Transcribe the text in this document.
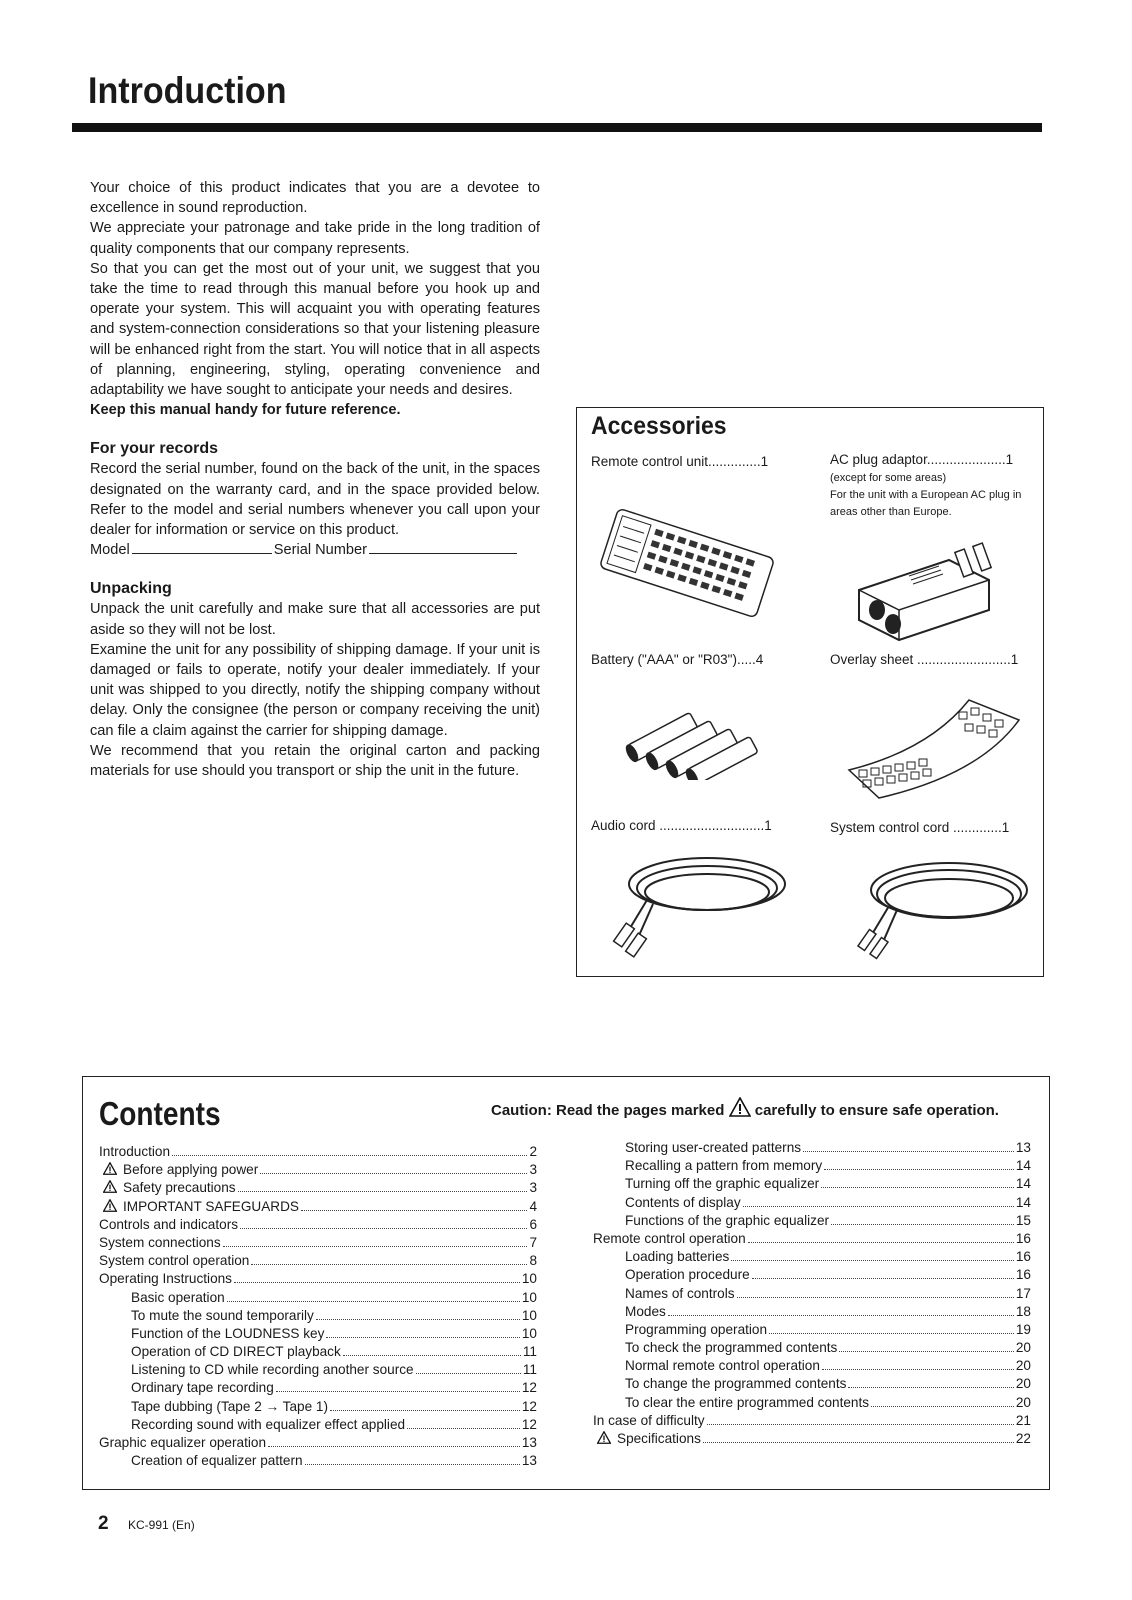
Introduction

Your choice of this product indicates that you are a devotee to excellence in sound reproduction.

We appreciate your patronage and take pride in the long tradition of quality components that our company represents.

So that you can get the most out of your unit, we suggest that you take the time to read through this manual before you hook up and operate your system. This will acquaint you with operating features and system-connection considerations so that your listening pleasure will be enhanced right from the start. You will notice that in all aspects of planning, engineering, styling, operating convenience and adaptability we have sought to anticipate your needs and desires.

Keep this manual handy for future reference.

For your records

Record the serial number, found on the back of the unit, in the spaces designated on the warranty card, and in the space provided below. Refer to the model and serial numbers whenever you call upon your dealer for information or service on this product.

Model	Serial Number
Unpacking

Unpack the unit carefully and make sure that all accessories are put aside so they will not be lost.

Examine the unit for any possibility of shipping damage. If your unit is damaged or fails to operate, notify your dealer immediately. If your unit was shipped to you directly, notify the shipping company without delay. Only the consignee (the person or company receiving the unit) can file a claim against the carrier for shipping damage.

We recommend that you retain the original carton and packing materials for use should you transport or ship the unit in the future.

Accessories
Remote control unit..............1	AC plug adaptor.....................1
(except for some areas)
For the unit with a European AC plug in areas other than Europe.
Battery ("AAA" or "R03").....4	Overlay sheet .........................1
Audio cord ............................1	System control cord .............1
Contents	Caution: Read the pages marked carefully to ensure safe operation.
Introduction	2
Before applying power	3
Safety precautions	3
IMPORTANT SAFEGUARDS	4
Controls and indicators	6
System connections	7
System control operation	8
Operating Instructions	10
Basic operation	10
To mute the sound temporarily	10
Function of the LOUDNESS key	10
Operation of CD DIRECT playback	11
Listening to CD while recording another source	11
Ordinary tape recording	12
Tape dubbing (Tape 2 → Tape 1)	12
Recording sound with equalizer effect applied	12
Graphic equalizer operation	13
Creation of equalizer pattern	13
Storing user-created patterns	13
Recalling a pattern from memory	14
Turning off the graphic equalizer	14
Contents of display	14
Functions of the graphic equalizer	15
Remote control operation	16
Loading batteries	16
Operation procedure	16
Names of controls	17
Modes	18
Programming operation	19
To check the programmed contents	20
Normal remote control operation	20
To change the programmed contents	20
To clear the entire programmed contents	20
In case of difficulty	21
Specifications	22
2 KC-991 (En)
